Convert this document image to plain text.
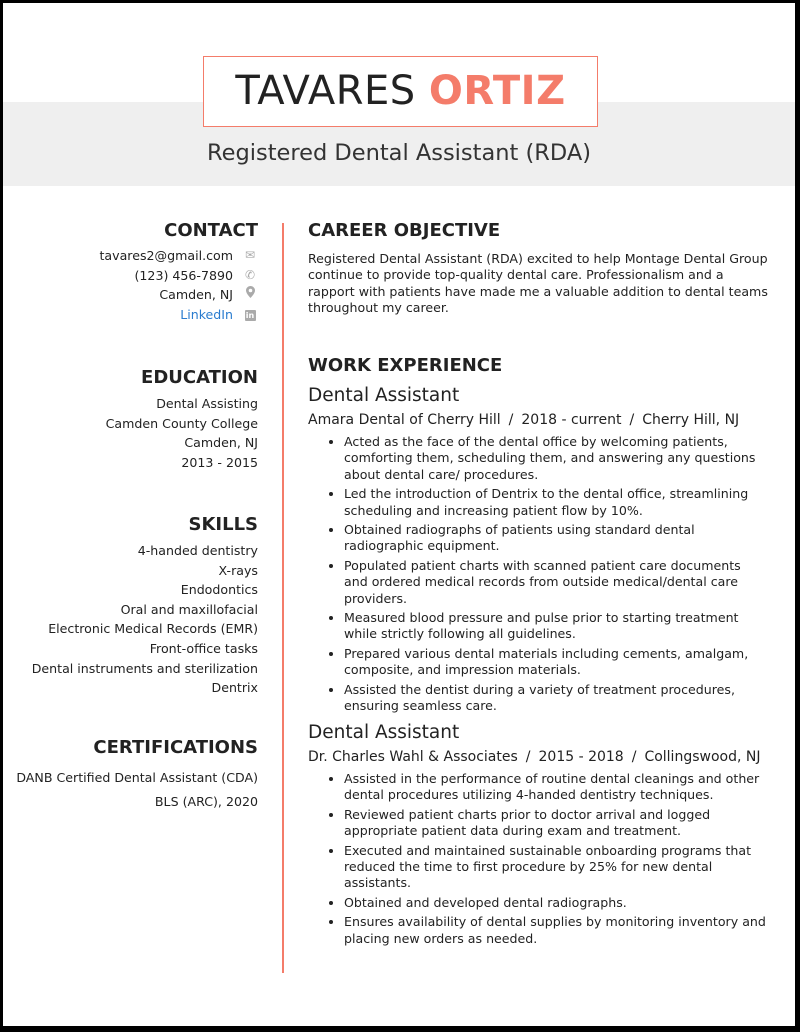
TAVARES ORTIZ
Registered Dental Assistant (RDA)
CONTACT
tavares2@gmail.com ✉
(123) 456-7890 ✆
Camden, NJ
LinkedIn	in
EDUCATION
Dental Assisting
Camden County College
Camden, NJ
2013 - 2015
SKILLS
4-handed dentistry
X-rays
Endodontics
Oral and maxillofacial
Electronic Medical Records (EMR)
Front-office tasks
Dental instruments and sterilization
Dentrix
CERTIFICATIONS
DANB Certified Dental Assistant (CDA)
BLS (ARC), 2020
CAREER OBJECTIVE
Registered Dental Assistant (RDA) excited to help Montage Dental Group continue to provide top-quality dental care. Professionalism and a rapport with patients have made me a valuable addition to dental teams throughout my career.
WORK EXPERIENCE
Dental Assistant
Amara Dental of Cherry Hill / 2018 - current / Cherry Hill, NJ
• Acted as the face of the dental office by welcoming patients, comforting them, scheduling them, and answering any questions about dental care/ procedures.
• Led the introduction of Dentrix to the dental office, streamlining scheduling and increasing patient flow by 10%.
• Obtained radiographs of patients using standard dental radiographic equipment.
• Populated patient charts with scanned patient care documents and ordered medical records from outside medical/dental care providers.
• Measured blood pressure and pulse prior to starting treatment while strictly following all guidelines.
• Prepared various dental materials including cements, amalgam, composite, and impression materials.
• Assisted the dentist during a variety of treatment procedures, ensuring seamless care.
Dental Assistant
Dr. Charles Wahl & Associates / 2015 - 2018 / Collingswood, NJ
• Assisted in the performance of routine dental cleanings and other dental procedures utilizing 4-handed dentistry techniques.
• Reviewed patient charts prior to doctor arrival and logged appropriate patient data during exam and treatment.
• Executed and maintained sustainable onboarding programs that reduced the time to first procedure by 25% for new dental assistants.
• Obtained and developed dental radiographs.
• Ensures availability of dental supplies by monitoring inventory and placing new orders as needed.
